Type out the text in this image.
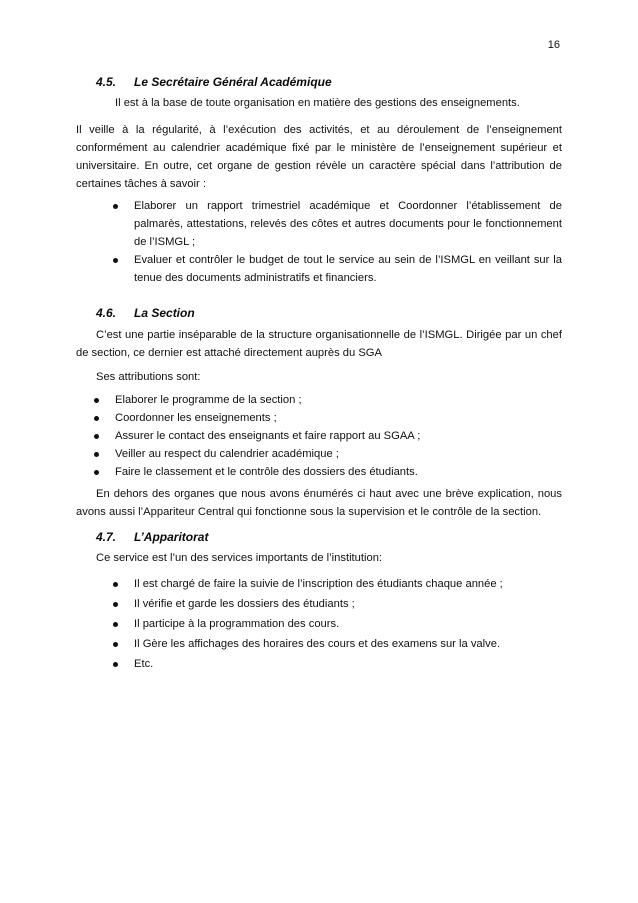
16
4.5. Le Secrétaire Général Académique
Il est à la base de toute organisation en matière des gestions des enseignements.
Il veille à la régularité, à l’exécution des activités, et au déroulement de l’enseignement conformément au calendrier académique fixé par le ministère de l’enseignement supérieur et universitaire. En outre, cet organe de gestion révèle un caractère spécial dans l’attribution de certaines tâches à savoir :
Elaborer un rapport trimestriel académique et Coordonner l’établissement de palmarès, attestations, relevés des côtes et autres documents pour le fonctionnement de l’ISMGL ;
Evaluer et contrôler le budget de tout le service au sein de l’ISMGL en veillant sur la tenue des documents administratifs et financiers.
4.6. La Section
C’est une partie inséparable de la structure organisationnelle de l’ISMGL. Dirigée par un chef de section, ce dernier est attaché directement auprès du SGA
Ses attributions sont:
Elaborer le programme de la section ;
Coordonner les enseignements ;
Assurer le contact des enseignants et faire rapport au SGAA ;
Veiller au respect du calendrier académique ;
Faire le classement et le contrôle des dossiers des étudiants.
En dehors des organes que nous avons énumérés ci haut avec une brève explication, nous avons aussi l’Appariteur Central qui fonctionne sous la supervision et le contrôle de la section.
4.7. L’Apparitorat
Ce service est l’un des services importants de l’institution:
Il est chargé de faire la suivie de l’inscription des étudiants chaque année ;
Il vérifie et garde les dossiers des étudiants ;
Il participe à la programmation des cours.
Il Gère les affichages des horaires des cours et des examens sur la valve.
Etc.
